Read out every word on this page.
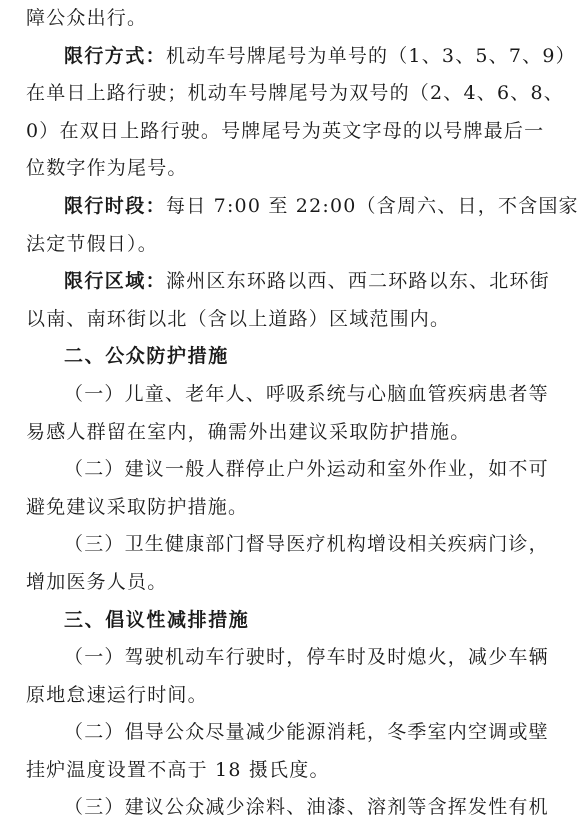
障公众出行。
限行方式：机动车号牌尾号为单号的（1、3、5、7、9）
在单日上路行驶；机动车号牌尾号为双号的（2、4、6、8、
0）在双日上路行驶。号牌尾号为英文字母的以号牌最后一
位数字作为尾号。
限行时段：每日 7:00 至 22:00（含周六、日，不含国家
法定节假日）。
限行区域：滁州区东环路以西、西二环路以东、北环街
以南、南环街以北（含以上道路）区域范围内。
二、公众防护措施
（一）儿童、老年人、呼吸系统与心脑血管疾病患者等
易感人群留在室内，确需外出建议采取防护措施。
（二）建议一般人群停止户外运动和室外作业，如不可
避免建议采取防护措施。
（三）卫生健康部门督导医疗机构增设相关疾病门诊，
增加医务人员。
三、倡议性减排措施
（一）驾驶机动车行驶时，停车时及时熄火，减少车辆
原地怠速运行时间。
（二）倡导公众尽量减少能源消耗，冬季室内空调或壁
挂炉温度设置不高于 18 摄氏度。
（三）建议公众减少涂料、油漆、溶剂等含挥发性有机
